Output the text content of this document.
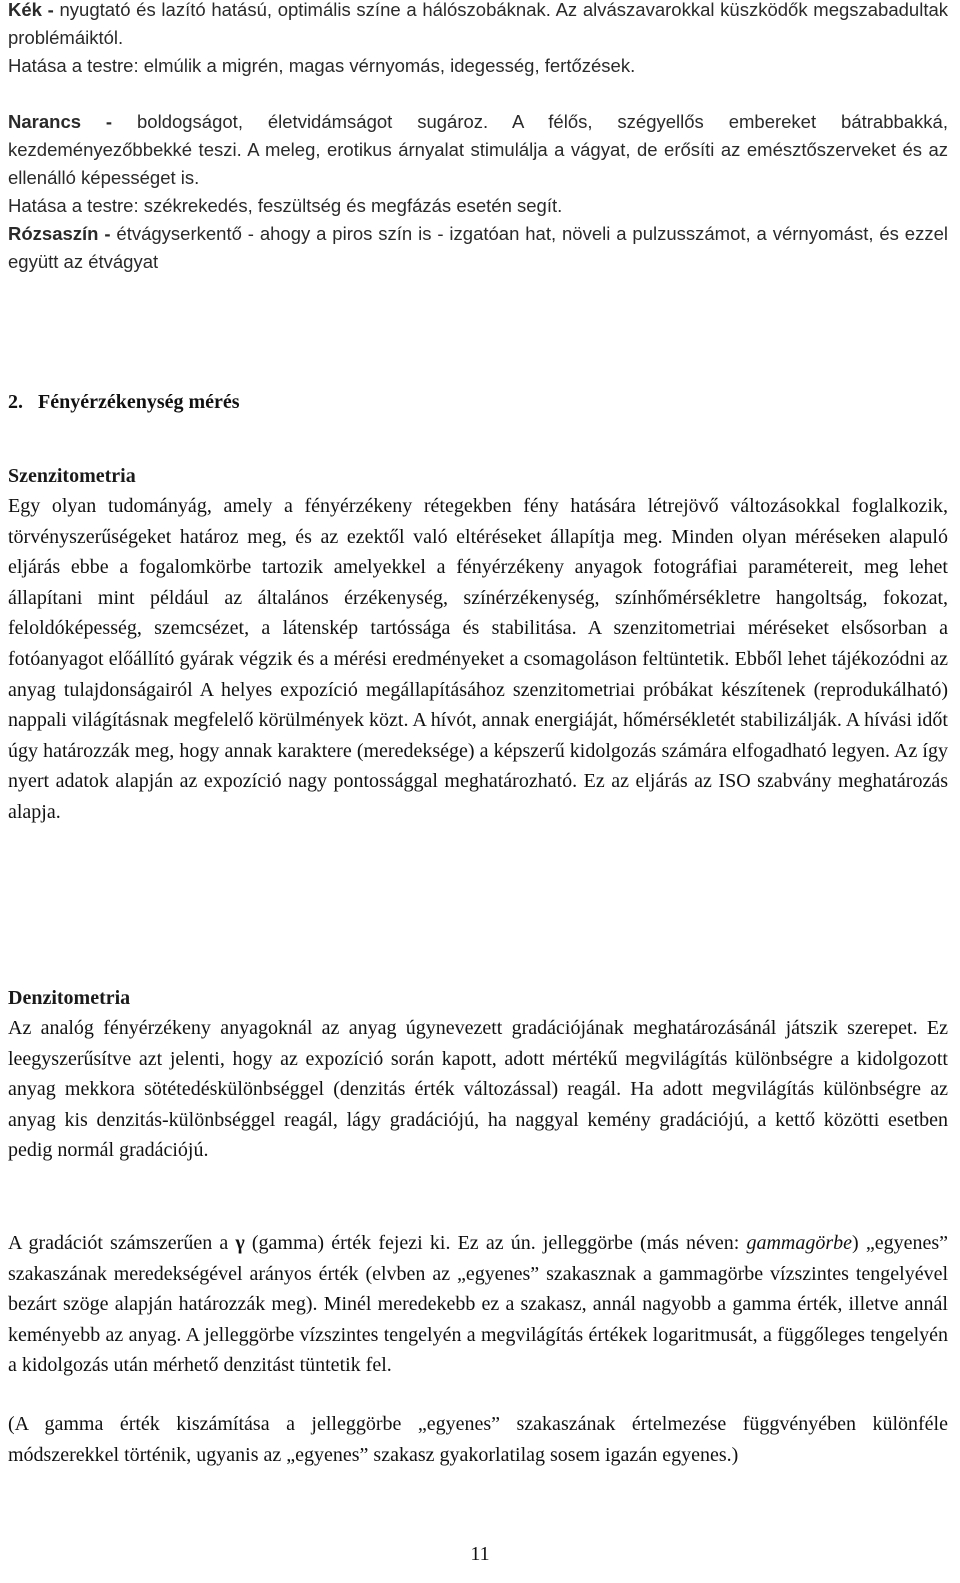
Kék - nyugtató és lazító hatású, optimális színe a hálószobáknak. Az alvászavarokkal küszködők megszabadultak problémáiktól.

Hatása a testre: elmúlik a migrén, magas vérnyomás, idegesség, fertőzések.

Narancs - boldogságot, életvidámságot sugároz. A félős, szégyellős embereket bátrabbakká, kezdeményezőbbekké teszi. A meleg, erotikus árnyalat stimulálja a vágyat, de erősíti az emésztőszerveket és az ellenálló képességet is.

Hatása a testre: székrekedés, feszültség és megfázás esetén segít.

Rózsaszín - étvágyserkentő - ahogy a piros szín is - izgatóan hat, növeli a pulzusszámot, a vérnyomást, és ezzel együtt az étvágyat

2.   Fényérzékenység mérés
Szenzitometria

Egy olyan tudományág, amely a fényérzékeny rétegekben fény hatására létrejövő változásokkal foglalkozik, törvényszerűségeket határoz meg, és az ezektől való eltéréseket állapítja meg. Minden olyan méréseken alapuló eljárás ebbe a fogalomkörbe tartozik amelyekkel a fényérzékeny anyagok fotográfiai paramétereit, meg lehet állapítani mint például az általános érzékenység, színérzékenység, színhőmérsékletre hangoltság, fokozat, feloldóképesség, szemcsézet, a látenskép tartóssága és stabilitása. A szenzitometriai méréseket elsősorban a fotóanyagot előállító gyárak végzik és a mérési eredményeket a csomagoláson feltüntetik. Ebből lehet tájékozódni az anyag tulajdonságairól A helyes expozíció megállapításához szenzitometriai próbákat készítenek (reprodukálható) nappali világításnak megfelelő körülmények közt. A hívót, annak energiáját, hőmérsékletét stabilizálják. A hívási időt úgy határozzák meg, hogy annak karaktere (meredeksége) a képszerű kidolgozás számára elfogadható legyen. Az így nyert adatok alapján az expozíció nagy pontossággal meghatározható. Ez az eljárás az ISO szabvány meghatározás alapja.

Denzitometria

Az analóg fényérzékeny anyagoknál az anyag úgynevezett gradációjának meghatározásánál játszik szerepet. Ez leegyszerűsítve azt jelenti, hogy az expozíció során kapott, adott mértékű megvilágítás különbségre a kidolgozott anyag mekkora sötétedéskülönbséggel (denzitás érték változással) reagál. Ha adott megvilágítás különbségre az anyag kis denzitás-különbséggel reagál, lágy gradációjú, ha naggyal kemény gradációjú, a kettő közötti esetben pedig normál gradációjú.

A gradációt számszerűen a γ (gamma) érték fejezi ki. Ez az ún. jelleggörbe (más néven: gammagörbe) „egyenes” szakaszának meredekségével arányos érték (elvben az „egyenes” szakasznak a gammagörbe vízszintes tengelyével bezárt szöge alapján határozzák meg). Minél meredekebb ez a szakasz, annál nagyobb a gamma érték, illetve annál keményebb az anyag. A jelleggörbe vízszintes tengelyén a megvilágítás értékek logaritmusát, a függőleges tengelyén a kidolgozás után mérhető denzitást tüntetik fel.

(A gamma érték kiszámítása a jelleggörbe „egyenes” szakaszának értelmezése függvényében különféle módszerekkel történik, ugyanis az „egyenes” szakasz gyakorlatilag sosem igazán egyenes.)

11
